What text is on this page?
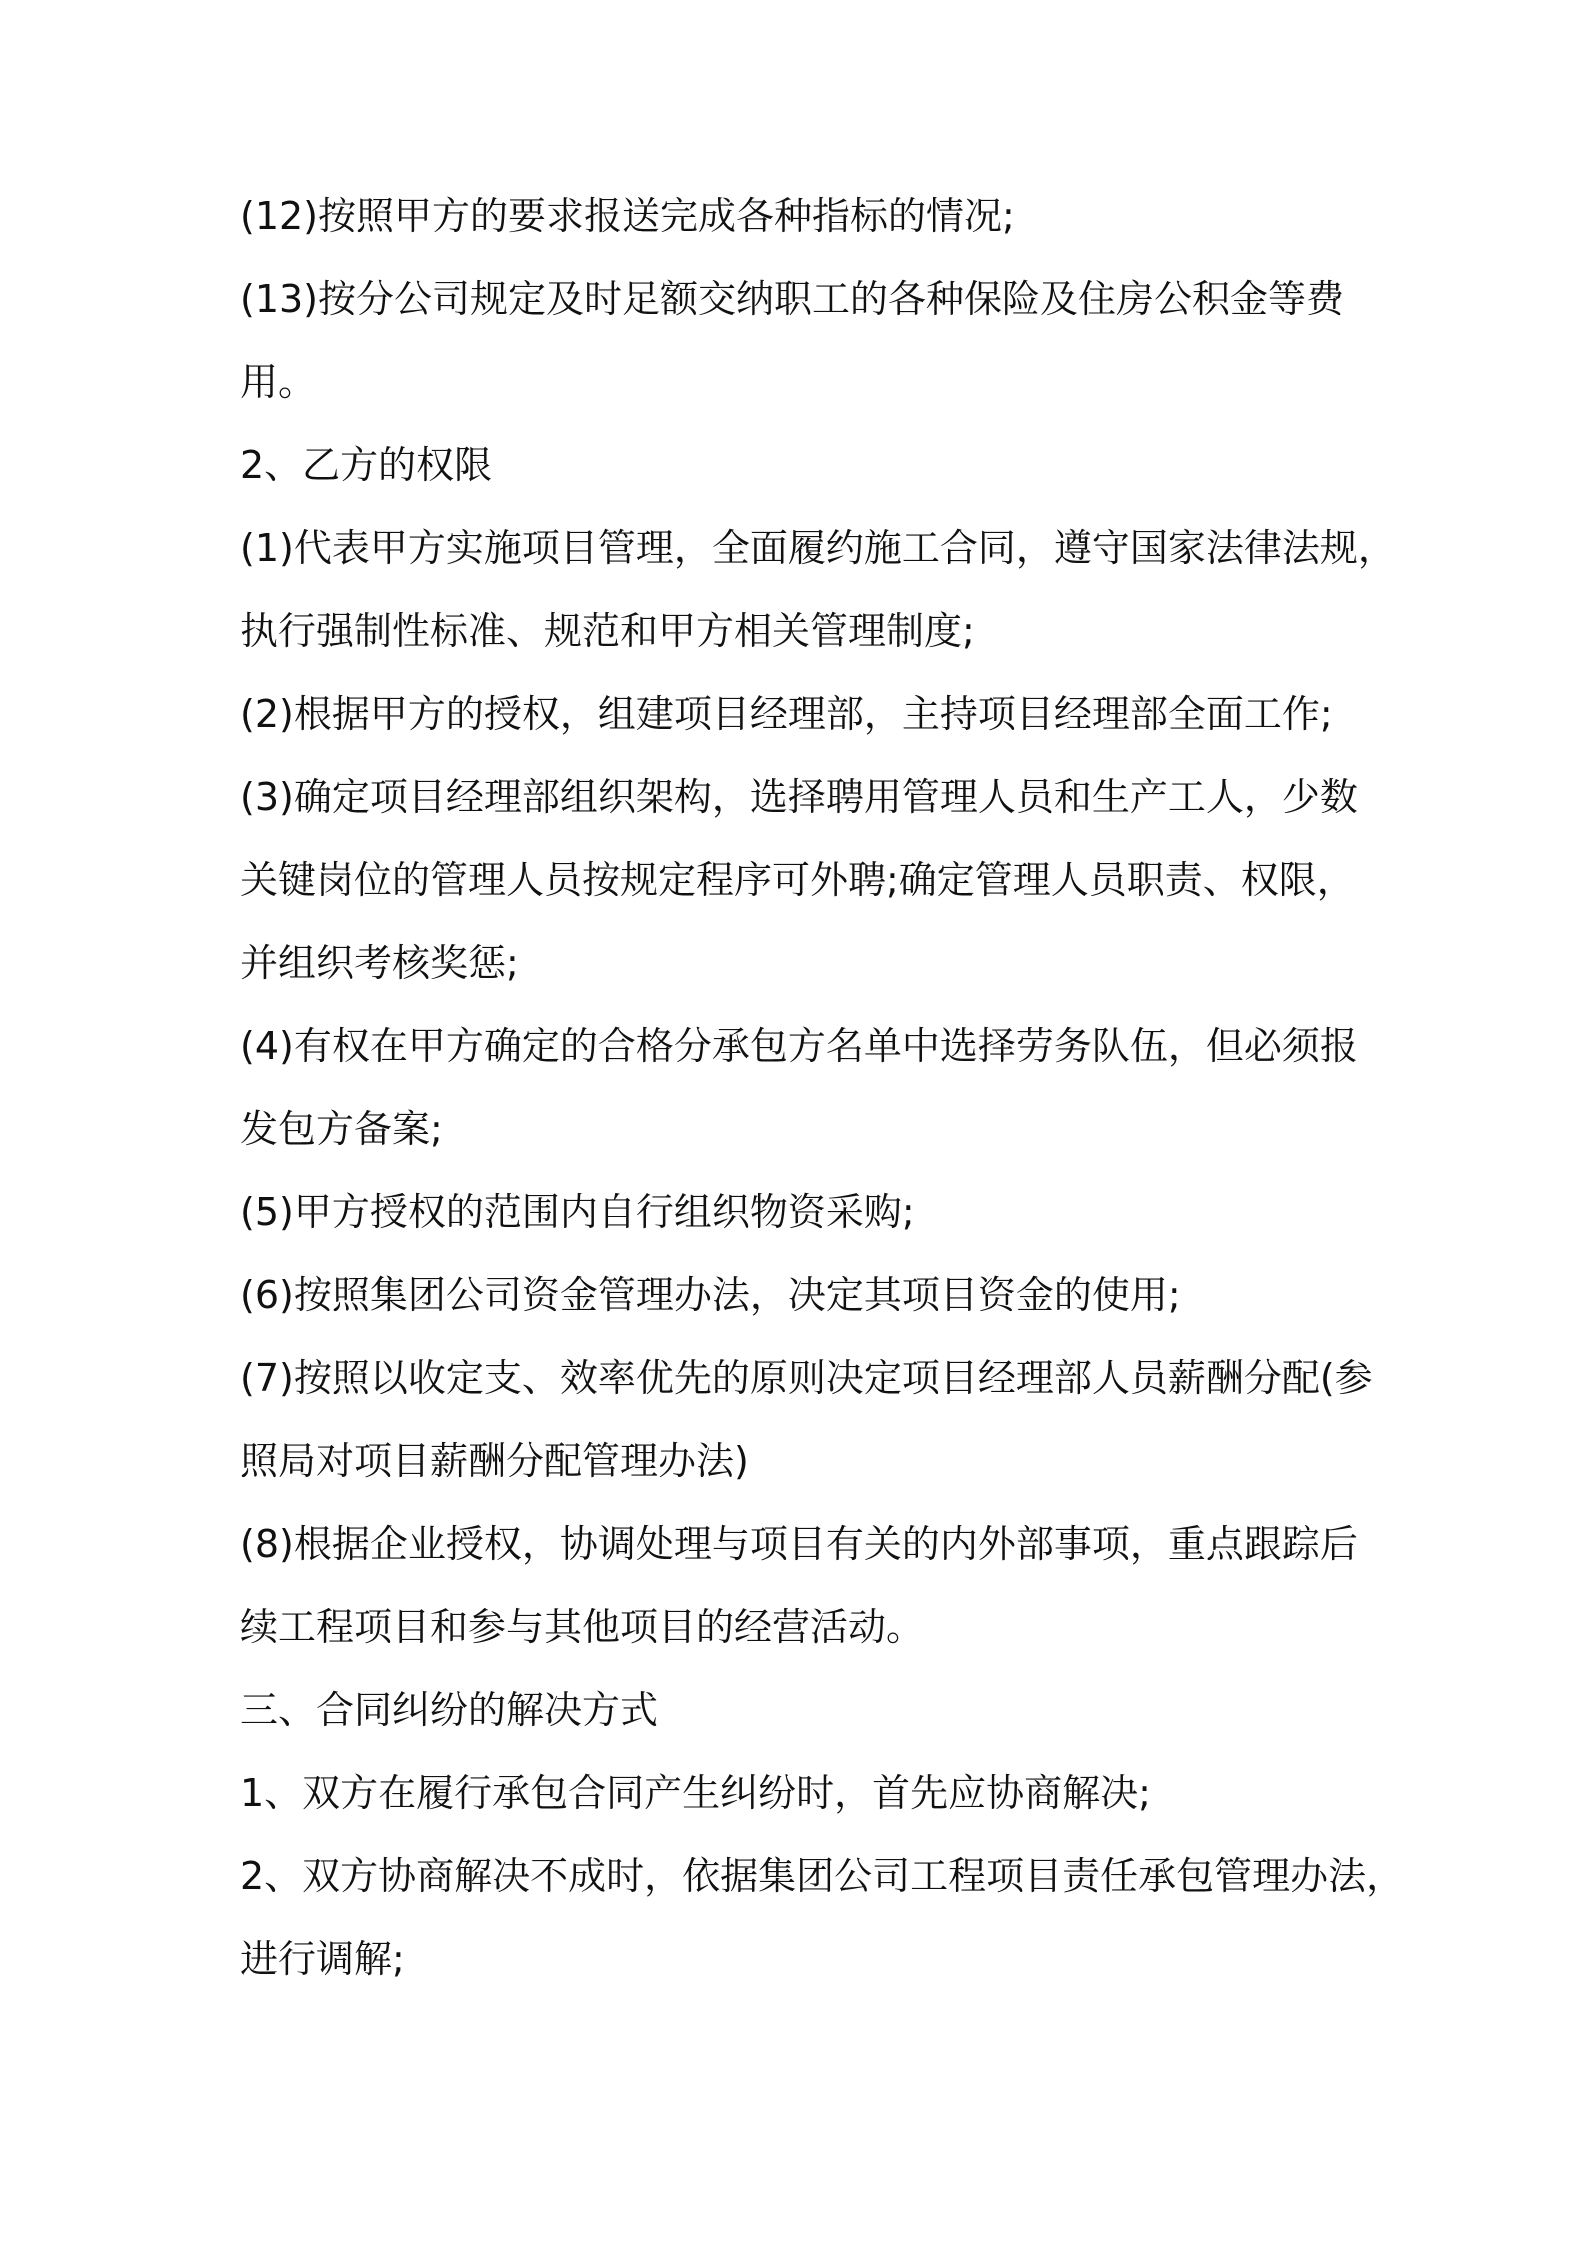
(12)按照甲方的要求报送完成各种指标的情况;

(13)按分公司规定及时足额交纳职工的各种保险及住房公积金等费

用。

2、乙方的权限

(1)代表甲方实施项目管理，全面履约施工合同，遵守国家法律法规，

执行强制性标准、规范和甲方相关管理制度;

(2)根据甲方的授权，组建项目经理部，主持项目经理部全面工作;

(3)确定项目经理部组织架构，选择聘用管理人员和生产工人，少数

关键岗位的管理人员按规定程序可外聘;确定管理人员职责、权限，

并组织考核奖惩;

(4)有权在甲方确定的合格分承包方名单中选择劳务队伍，但必须报

发包方备案;

(5)甲方授权的范围内自行组织物资采购;

(6)按照集团公司资金管理办法，决定其项目资金的使用;

(7)按照以收定支、效率优先的原则决定项目经理部人员薪酬分配(参

照局对项目薪酬分配管理办法)

(8)根据企业授权，协调处理与项目有关的内外部事项，重点跟踪后

续工程项目和参与其他项目的经营活动。

三、合同纠纷的解决方式

1、双方在履行承包合同产生纠纷时，首先应协商解决;

2、双方协商解决不成时，依据集团公司工程项目责任承包管理办法，

进行调解;
